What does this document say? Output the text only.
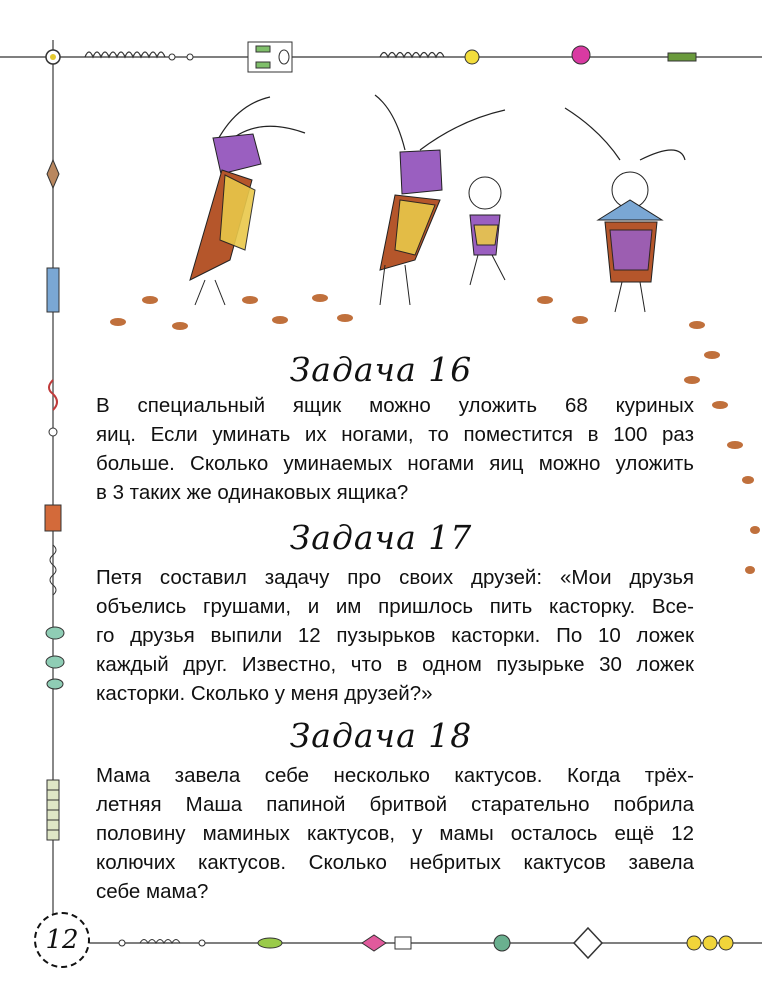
Задача 16
В специальный ящик можно уложить 68 куриных
яиц. Если уминать их ногами, то поместится в 100 раз
больше. Сколько уминаемых ногами яиц можно уложить
в 3 таких же одинаковых ящика?
Задача 17
Петя составил задачу про своих друзей: «Мои друзья
объелись грушами, и им пришлось пить касторку. Все-
го друзья выпили 12 пузырьков касторки. По 10 ложек
каждый друг. Известно, что в одном пузырьке 30 ложек
касторки. Сколько у меня друзей?»
Задача 18
Мама завела себе несколько кактусов. Когда трёх-
летняя Маша папиной бритвой старательно побрила
половину маминых кактусов, у мамы осталось ещё 12
колючих кактусов. Сколько небритых кактусов завела
себе мама?
12
